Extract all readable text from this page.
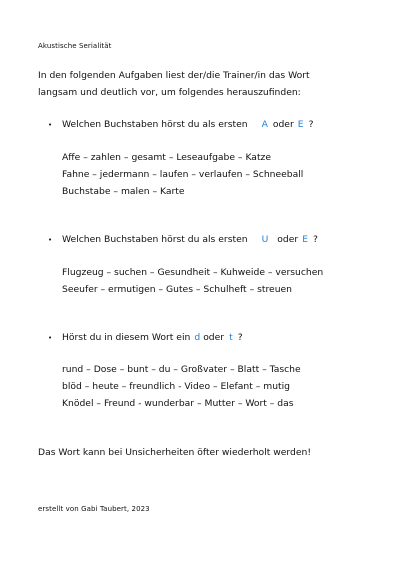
Akustische Serialität
In den folgenden Aufgaben liest der/die Trainer/in das Wort
langsam und deutlich vor, um folgendes herauszufinden:
•	Welchen Buchstaben hörst du als ersten A oder E ?
Affe – zahlen – gesamt – Leseaufgabe – Katze
Fahne – jedermann – laufen – verlaufen – Schneeball
Buchstabe – malen – Karte
•	Welchen Buchstaben hörst du als ersten U oder E ?
Flugzeug – suchen – Gesundheit – Kuhweide – versuchen
Seeufer – ermutigen – Gutes – Schulheft – streuen
•	Hörst du in diesem Wort ein d oder t ?
rund – Dose – bunt – du – Großvater – Blatt – Tasche
blöd – heute – freundlich - Video – Elefant – mutig
Knödel – Freund - wunderbar – Mutter – Wort – das
Das Wort kann bei Unsicherheiten öfter wiederholt werden!
erstellt von Gabi Taubert, 2023
